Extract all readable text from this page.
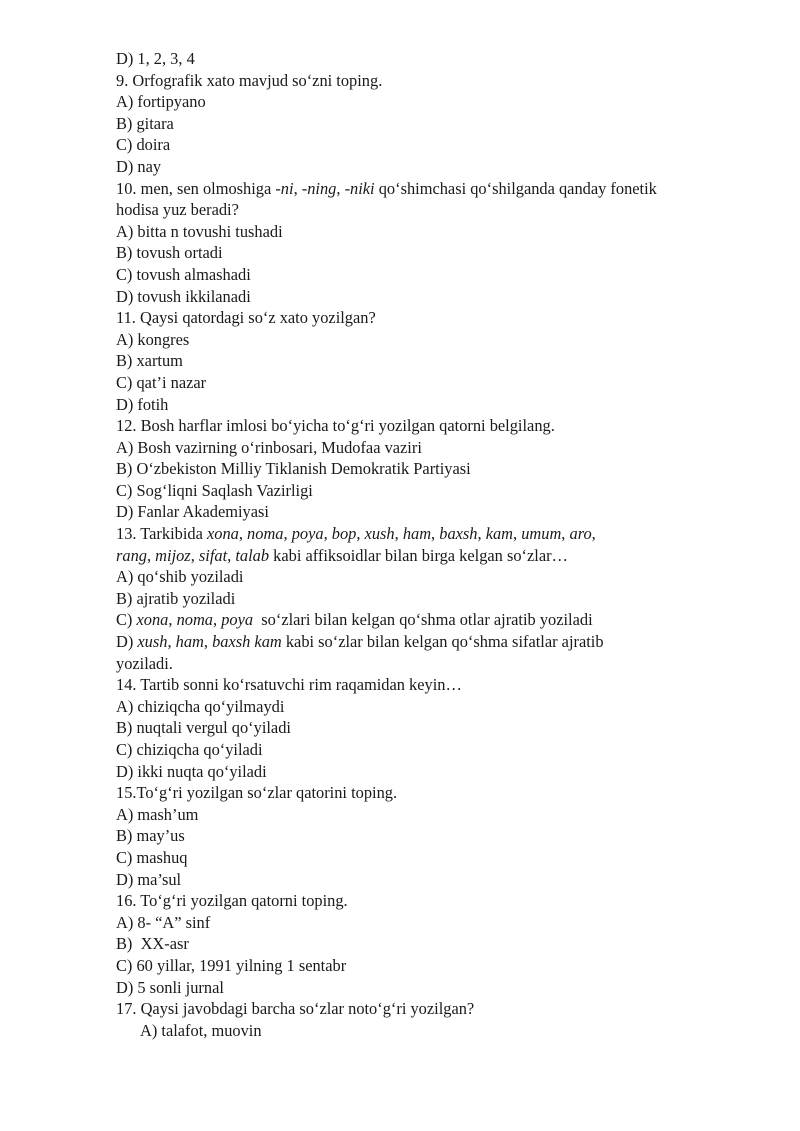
D) 1, 2, 3, 4
9. Orfografik xato mavjud so‘zni toping.
A) fortipyano
B) gitara
C) doira
D) nay
10. men, sen olmoshiga -ni, -ning, -niki qo‘shimchasi qo‘shilganda qanday fonetik
hodisa yuz beradi?
A) bitta n tovushi tushadi
B) tovush ortadi
C) tovush almashadi
D) tovush ikkilanadi
11. Qaysi qatordagi so‘z xato yozilgan?
A) kongres
B) xartum
C) qat’i nazar
D) fotih
12. Bosh harflar imlosi bo‘yicha to‘g‘ri yozilgan qatorni belgilang.
A) Bosh vazirning o‘rinbosari, Mudofaa vaziri
B) O‘zbekiston Milliy Tiklanish Demokratik Partiyasi
C) Sog‘liqni Saqlash Vazirligi
D) Fanlar Akademiyasi
13. Tarkibida xona, noma, poya, bop, xush, ham, baxsh, kam, umum, aro,
rang, mijoz, sifat, talab kabi affiksoidlar bilan birga kelgan so‘zlar…
A) qo‘shib yoziladi
B) ajratib yoziladi
C) xona, noma, poya  so‘zlari bilan kelgan qo‘shma otlar ajratib yoziladi
D) xush, ham, baxsh kam kabi so‘zlar bilan kelgan qo‘shma sifatlar ajratib
yoziladi.
14. Tartib sonni ko‘rsatuvchi rim raqamidan keyin…
A) chiziqcha qo‘yilmaydi
B) nuqtali vergul qo‘yiladi
C) chiziqcha qo‘yiladi
D) ikki nuqta qo‘yiladi
15.To‘g‘ri yozilgan so‘zlar qatorini toping.
A) mash’um
B) may’us
C) mashuq
D) ma’sul
16. To‘g‘ri yozilgan qatorni toping.
A) 8- “A” sinf
B)  XX-asr
C) 60 yillar, 1991 yilning 1 sentabr
D) 5 sonli jurnal
17. Qaysi javobdagi barcha so‘zlar noto‘g‘ri yozilgan?
A) talafot, muovin
